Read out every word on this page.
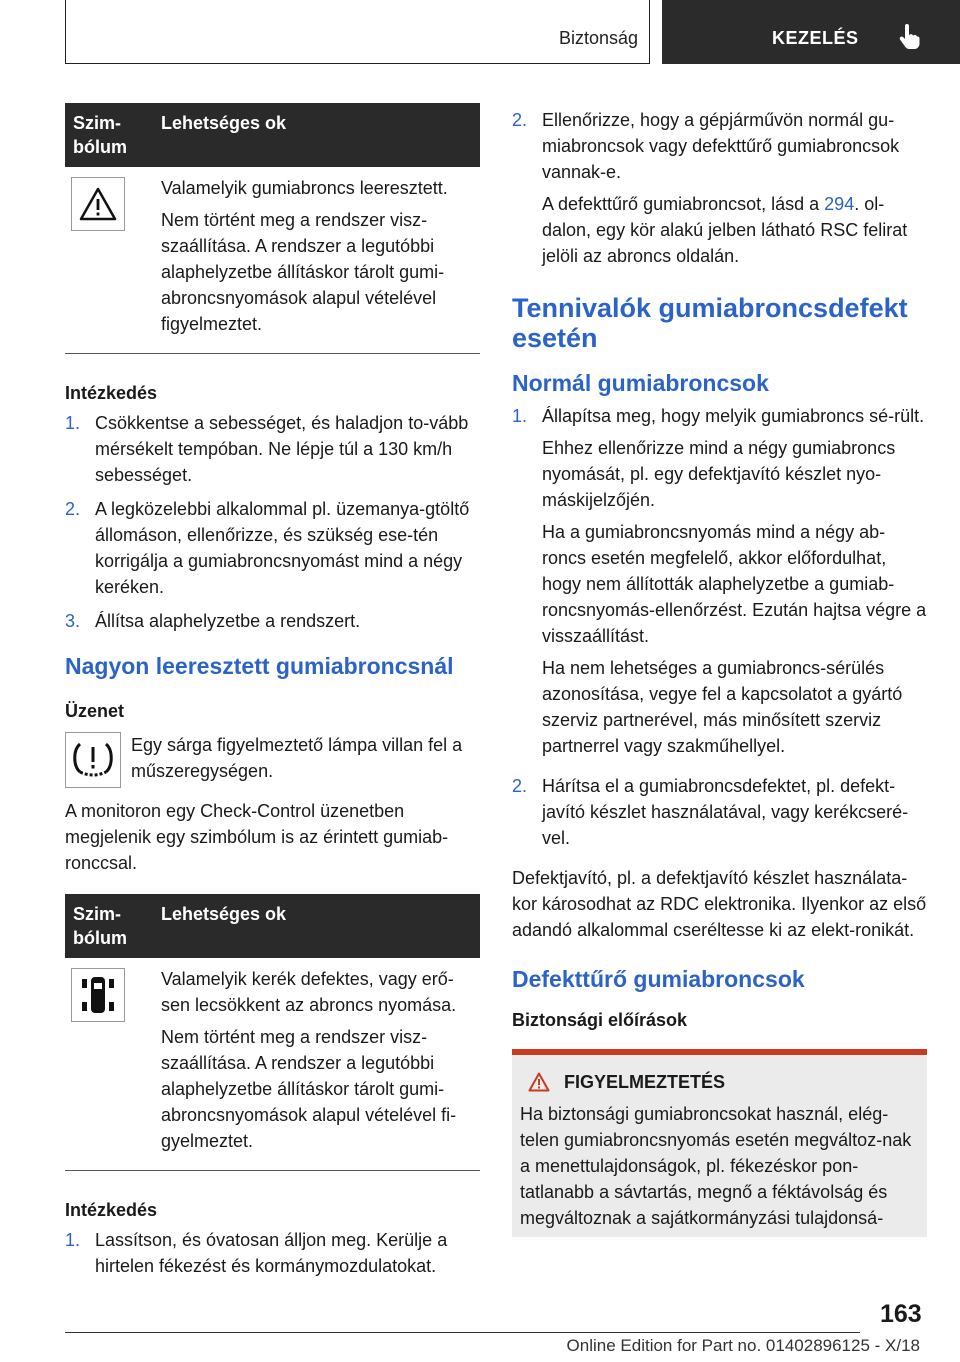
Biztonság	KEZELÉS
Szim-
bólum
Lehetséges ok

Valamelyik gumiabroncs leeresztett.

Nem történt meg a rendszer visz-szaállítása. A rendszer a legutóbbi alaphelyzetbe állításkor tárolt gumi-abroncsnyomások alapul vételével figyelmeztet.

Intézkedés

1. Csökkentse a sebességet, és haladjon to-vább mérsékelt tempóban. Ne lépje túl a 130 km/h sebességet.
2. A legközelebbi alkalommal pl. üzemanya-gtöltő állomáson, ellenőrizze, és szükség ese-tén korrigálja a gumiabroncsnyomást mind a négy keréken.
3. Állítsa alaphelyzetbe a rendszert.

Nagyon leeresztett gumiabroncsnál

Üzenet

Egy sárga figyelmeztető lámpa villan fel a műszeregységen.

A monitoron egy Check-Control üzenetben megjelenik egy szimbólum is az érintett gumiab-ronccsal.

Szim-
bólum
Lehetséges ok

Valamelyik kerék defektes, vagy erő-sen lecsökkent az abroncs nyomása.

Nem történt meg a rendszer visz-szaállítása. A rendszer a legutóbbi alaphelyzetbe állításkor tárolt gumi-abroncsnyomások alapul vételével fi-gyelmeztet.

Intézkedés

1. Lassítson, és óvatosan álljon meg. Kerülje a hirtelen fékezést és kormánymozdulatokat.
2. Ellenőrizze, hogy a gépjárművön normál gu-miabroncsok vagy defekttűrő gumiabroncsok vannak-e.

A defekttűrő gumiabroncsot, lásd a 294. ol-dalon, egy kör alakú jelben látható RSC felirat jelöli az abroncs oldalán.

Tennivalók gumiabroncsdefekt esetén

Normál gumiabroncsok

1. Állapítsa meg, hogy melyik gumiabroncs sé-rült.

Ehhez ellenőrizze mind a négy gumiabroncs nyomását, pl. egy defektjavító készlet nyo-máskijelzőjén.

Ha a gumiabroncsnyomás mind a négy ab-roncs esetén megfelelő, akkor előfordulhat, hogy nem állították alaphelyzetbe a gumiab-roncsnyomás-ellenőrzést. Ezután hajtsa végre a visszaállítást.

Ha nem lehetséges a gumiabroncs-sérülés azonosítása, vegye fel a kapcsolatot a gyártó szerviz partnerével, más minősített szerviz partnerrel vagy szakműhellyel.

2. Hárítsa el a gumiabroncsdefektet, pl. defekt-javító készlet használatával, vagy kerékcseré-vel.

Defektjavító, pl. a defektjavító készlet használata-kor károsodhat az RDC elektronika. Ilyenkor az első adandó alkalommal cseréltesse ki az elekt-ronikát.

Defekttűrő gumiabroncsok

Biztonsági előírások

FIGYELMEZTETÉS

Ha biztonsági gumiabroncsokat használ, elég-telen gumiabroncsnyomás esetén megváltoz-nak a menettulajdonságok, pl. fékezéskor pon-tatlanabb a sávtartás, megnő a féktávolság és megváltoznak a sajátkormányzási tulajdonsá-

163
Online Edition for Part no. 01402896125 - X/18
